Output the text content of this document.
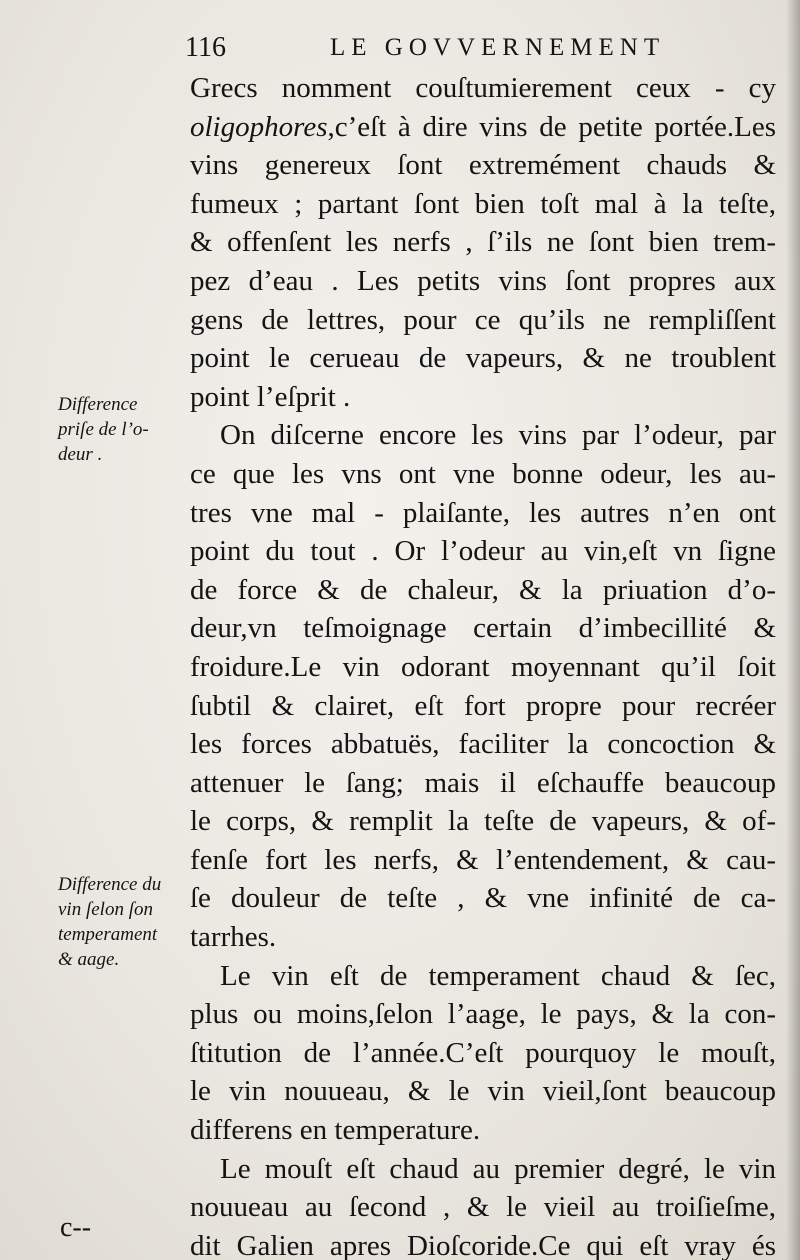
116	LE GOVVERNEMENT
Grecs nomment couſtumierement ceux - cy
oligophores,c’eſt à dire vins de petite portée.Les
vins genereux ſont extremément chauds &
fumeux ; partant ſont bien toſt mal à la teſte,
& offenſent les nerfs , ſ’ils ne ſont bien trem-
pez d’eau . Les petits vins ſont propres aux
gens de lettres, pour ce qu’ils ne rempliſſent
point le cerueau de vapeurs, & ne troublent
point l’eſprit .
On diſcerne encore les vins par l’odeur, par
ce que les vns ont vne bonne odeur, les au-
tres vne mal - plaiſante, les autres n’en ont
point du tout . Or l’odeur au vin,eſt vn ſigne
de force & de chaleur, & la priuation d’o-
deur,vn teſmoignage certain d’imbecillité &
froidure.Le vin odorant moyennant qu’il ſoit
ſubtil & clairet, eſt fort propre pour recréer
les forces abbatuës, faciliter la concoction &
attenuer le ſang; mais il eſchauffe beaucoup
le corps, & remplit la teſte de vapeurs, & of-
fenſe fort les nerfs, & l’entendement, & cau-
ſe douleur de teſte , & vne infinité de ca-
tarrhes.
Le vin eſt de temperament chaud & ſec,
plus ou moins,ſelon l’aage, le pays, & la con-
ſtitution de l’année.C’eſt pourquoy le mouſt,
le vin nouueau, & le vin vieil,ſont beaucoup
differens en temperature.
Le mouſt eſt chaud au premier degré, le vin
nouueau au ſecond , & le vieil au troiſieſme,
dit Galien apres Dioſcoride.Ce qui eſt vray és
Difference
priſe de l’o-
deur .
Difference du
vin ſelon ſon
temperament
& aage.
c--
